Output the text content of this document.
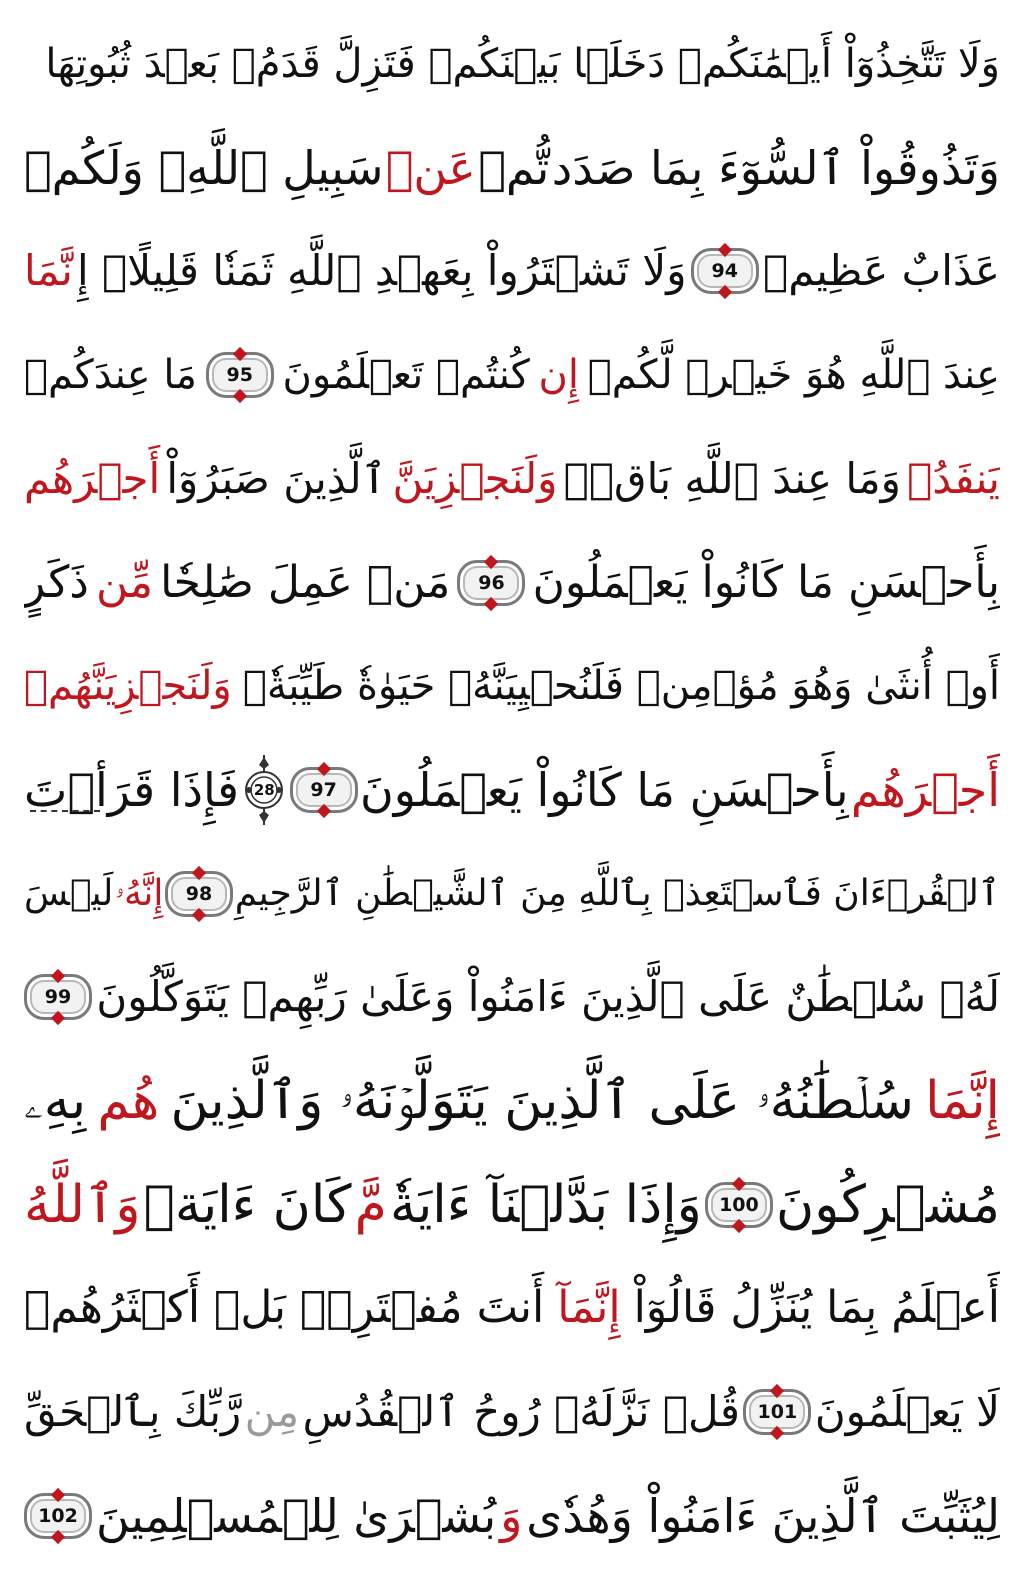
وَلَا تَتَّخِذُوٓاْ أَيۡمَٰنَكُمۡ دَخَلَۢا بَيۡنَكُمۡ فَتَزِلَّ قَدَمُۢ بَعۡدَ ثُبُوتِهَا
وَتَذُوقُواْ ٱلسُّوٓءَ بِمَا صَدَد
تُّمۡ
عَنۡ
سَبِيلِ ٱللَّهِۖ وَلَكُمۡ
عَذَابٌ عَظِيمٞ
94
وَلَا تَشۡتَرُواْ بِعَهۡدِ ٱللَّهِ ثَمَنٗا قَلِيلًاۚ إِ
نَّمَا
عِندَ ٱللَّهِ هُوَ خَيۡرٞ لَّكُمۡ
إِن
كُنتُمۡ تَعۡلَمُونَ
95
مَا عِندَكُمۡ
يَنفَدُۖ
وَمَا عِندَ ٱللَّهِ بَاقٖۗ
وَلَنَجۡزِيَنَّ
ٱلَّذِينَ صَبَرُوٓاْ
أَجۡرَهُم
بِأَحۡسَنِ مَا كَانُواْ يَعۡمَلُونَ
96
مَنۡ عَمِلَ صَٰلِحٗا
مِّن
ذَكَرٍ
أَوۡ أُنثَىٰ وَهُوَ مُؤۡمِنٞ فَلَنُحۡيِيَنَّهُۥ حَيَوٰةٗ طَيِّبَةٗۖ
وَلَنَجۡزِيَنَّهُمۡ
أَجۡرَهُم
بِأَحۡسَنِ مَا كَانُواْ يَعۡمَلُونَ
97
28
فَإِذَا قَرَأۡتَ
ٱلۡقُرۡءَانَ فَٱسۡتَعِذۡ بِٱللَّهِ مِنَ ٱلشَّيۡطَٰنِ ٱلرَّجِيمِ
98
إِنَّهُۥ
لَيۡسَ
لَهُۥ سُلۡطَٰنٌ عَلَى ٱلَّذِينَ ءَامَنُواْ وَعَلَىٰ رَبِّهِمۡ يَتَوَكَّلُونَ
99
إِنَّمَا
سُلۡطَٰنُهُۥ عَلَى ٱلَّذِينَ يَتَوَلَّوۡنَهُۥ وَٱلَّذِينَ
هُم
بِهِۦ
مُشۡرِكُونَ
100
وَإِذَا بَدَّلۡنَآ ءَايَةٗ
مَّ
كَانَ ءَايَةٖ
وَٱللَّهُ
أَعۡلَمُ بِمَا يُنَزِّلُ قَالُوٓاْ
إِنَّمَآ
أَنتَ مُفۡتَرِۭۚ بَلۡ أَكۡثَرُهُمۡ
لَا يَعۡلَمُونَ
101
قُلۡ نَزَّلَهُۥ رُوحُ ٱلۡقُدُسِ
مِن
رَّبِّكَ بِٱلۡحَقِّ
لِيُثَبِّتَ ٱلَّذِينَ ءَامَنُواْ وَهُدٗى
وَ
بُشۡرَىٰ لِلۡمُسۡلِمِينَ
102
